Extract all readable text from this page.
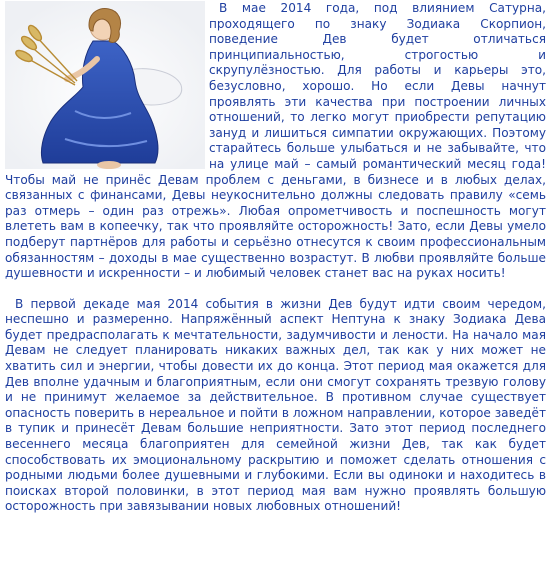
В мае 2014 года, под влиянием Сатурна, проходящего по знаку Зодиака Скорпион, поведение Дев будет отличаться принципиальностью, строгостью и скрупулёзностью. Для работы и карьеры это, безусловно, хорошо. Но если Девы начнут проявлять эти качества при построении личных отношений, то легко могут приобрести репутацию зануд и лишиться симпатии окружающих. Поэтому старайтесь больше улыбаться и не забывайте, что на улице май – самый романтический месяц года! Чтобы май не принёс Девам проблем с деньгами, в бизнесе и в любых делах, связанных с финансами, Девы неукоснительно должны следовать правилу «семь раз отмерь – один раз отрежь». Любая опрометчивость и поспешность могут влететь вам в копеечку, так что проявляйте осторожность! Зато, если Девы умело подберут партнёров для работы и серьёзно отнесутся к своим профессиональным обязанностям – доходы в мае существенно возрастут. В любви проявляйте больше душевности и искренности – и любимый человек станет вас на руках носить!

В первой декаде мая 2014 события в жизни Дев будут идти своим чередом, неспешно и размеренно. Напряжённый аспект Нептуна к знаку Зодиака Дева будет предрасполагать к мечтательности, задумчивости и лености. На начало мая Девам не следует планировать никаких важных дел, так как у них может не хватить сил и энергии, чтобы довести их до конца. Этот период мая окажется для Дев вполне удачным и благоприятным, если они смогут сохранять трезвую голову и не принимут желаемое за действительное. В противном случае существует опасность поверить в нереальное и пойти в ложном направлении, которое заведёт в тупик и принесёт Девам большие неприятности. Зато этот период последнего весеннего месяца благоприятен для семейной жизни Дев, так как будет способствовать их эмоциональному раскрытию и поможет сделать отношения с родными людьми более душевными и глубокими. Если вы одиноки и находитесь в поисках второй половинки, в этот период мая вам нужно проявлять большую осторожность при завязывании новых любовных отношений!
